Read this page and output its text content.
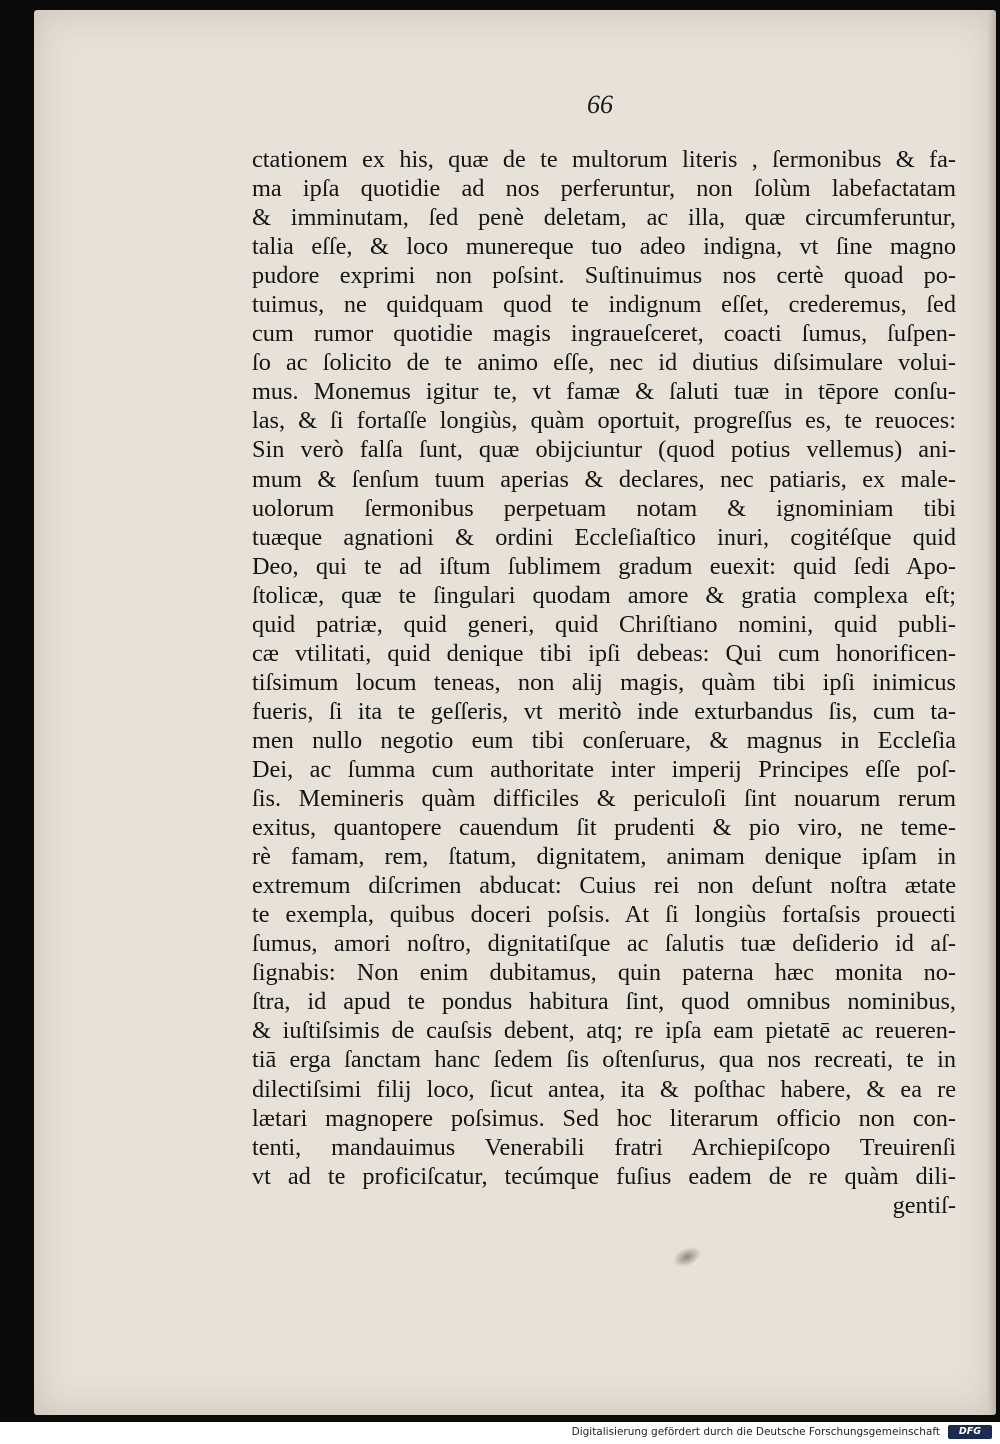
66
ctationem ex his, quæ de te multorum literis , ſermonibus & fa-
ma ipſa quotidie ad nos perferuntur, non ſolùm labefactatam
& imminutam, ſed penè deletam, ac illa, quæ circumferuntur,
talia eſſe, & loco munereque tuo adeo indigna, vt ſine magno
pudore exprimi non poſsint. Suſtinuimus nos certè quoad po-
tuimus, ne quidquam quod te indignum eſſet, crederemus, ſed
cum rumor quotidie magis ingraueſceret, coacti ſumus, ſuſpen-
ſo ac ſolicito de te animo eſſe, nec id diutius diſsimulare volui-
mus. Monemus igitur te, vt famæ & ſaluti tuæ in tēpore conſu-
las, & ſi fortaſſe longiùs, quàm oportuit, progreſſus es, te reuoces:
Sin verò falſa ſunt, quæ obijciuntur (quod potius vellemus) ani-
mum & ſenſum tuum aperias & declares, nec patiaris, ex male-
uolorum ſermonibus perpetuam notam & ignominiam tibi
tuæque agnationi & ordini Eccleſiaſtico inuri, cogitéſque quid
Deo, qui te ad iſtum ſublimem gradum euexit: quid ſedi Apo-
ſtolicæ, quæ te ſingulari quodam amore & gratia complexa eſt;
quid patriæ, quid generi, quid Chriſtiano nomini, quid publi-
cæ vtilitati, quid denique tibi ipſi debeas: Qui cum honorificen-
tiſsimum locum teneas, non alij magis, quàm tibi ipſi inimicus
fueris, ſi ita te geſſeris, vt meritò inde exturbandus ſis, cum ta-
men nullo negotio eum tibi conſeruare, & magnus in Eccleſia
Dei, ac ſumma cum authoritate inter imperij Principes eſſe poſ-
ſis. Memineris quàm difficiles & periculoſi ſint nouarum rerum
exitus, quantopere cauendum ſit prudenti & pio viro, ne teme-
rè famam, rem, ſtatum, dignitatem, animam denique ipſam in
extremum diſcrimen abducat: Cuius rei non deſunt noſtra ætate
te exempla, quibus doceri poſsis. At ſi longiùs fortaſsis prouecti
ſumus, amori noſtro, dignitatiſque ac ſalutis tuæ deſiderio id aſ-
ſignabis: Non enim dubitamus, quin paterna hæc monita no-
ſtra, id apud te pondus habitura ſint, quod omnibus nominibus,
& iuſtiſsimis de cauſsis debent, atq; re ipſa eam pietatē ac reueren-
tiā erga ſanctam hanc ſedem ſis oſtenſurus, qua nos recreati, te in
dilectiſsimi filij loco, ſicut antea, ita & poſthac habere, & ea re
lætari magnopere poſsimus. Sed hoc literarum officio non con-
tenti, mandauimus Venerabili fratri Archiepiſcopo Treuirenſi
vt ad te proficiſcatur, tecúmque fuſius eadem de re quàm dili-
gentiſ-
Digitalisierung gefördert durch die Deutsche Forschungsgemeinschaft	DFG
